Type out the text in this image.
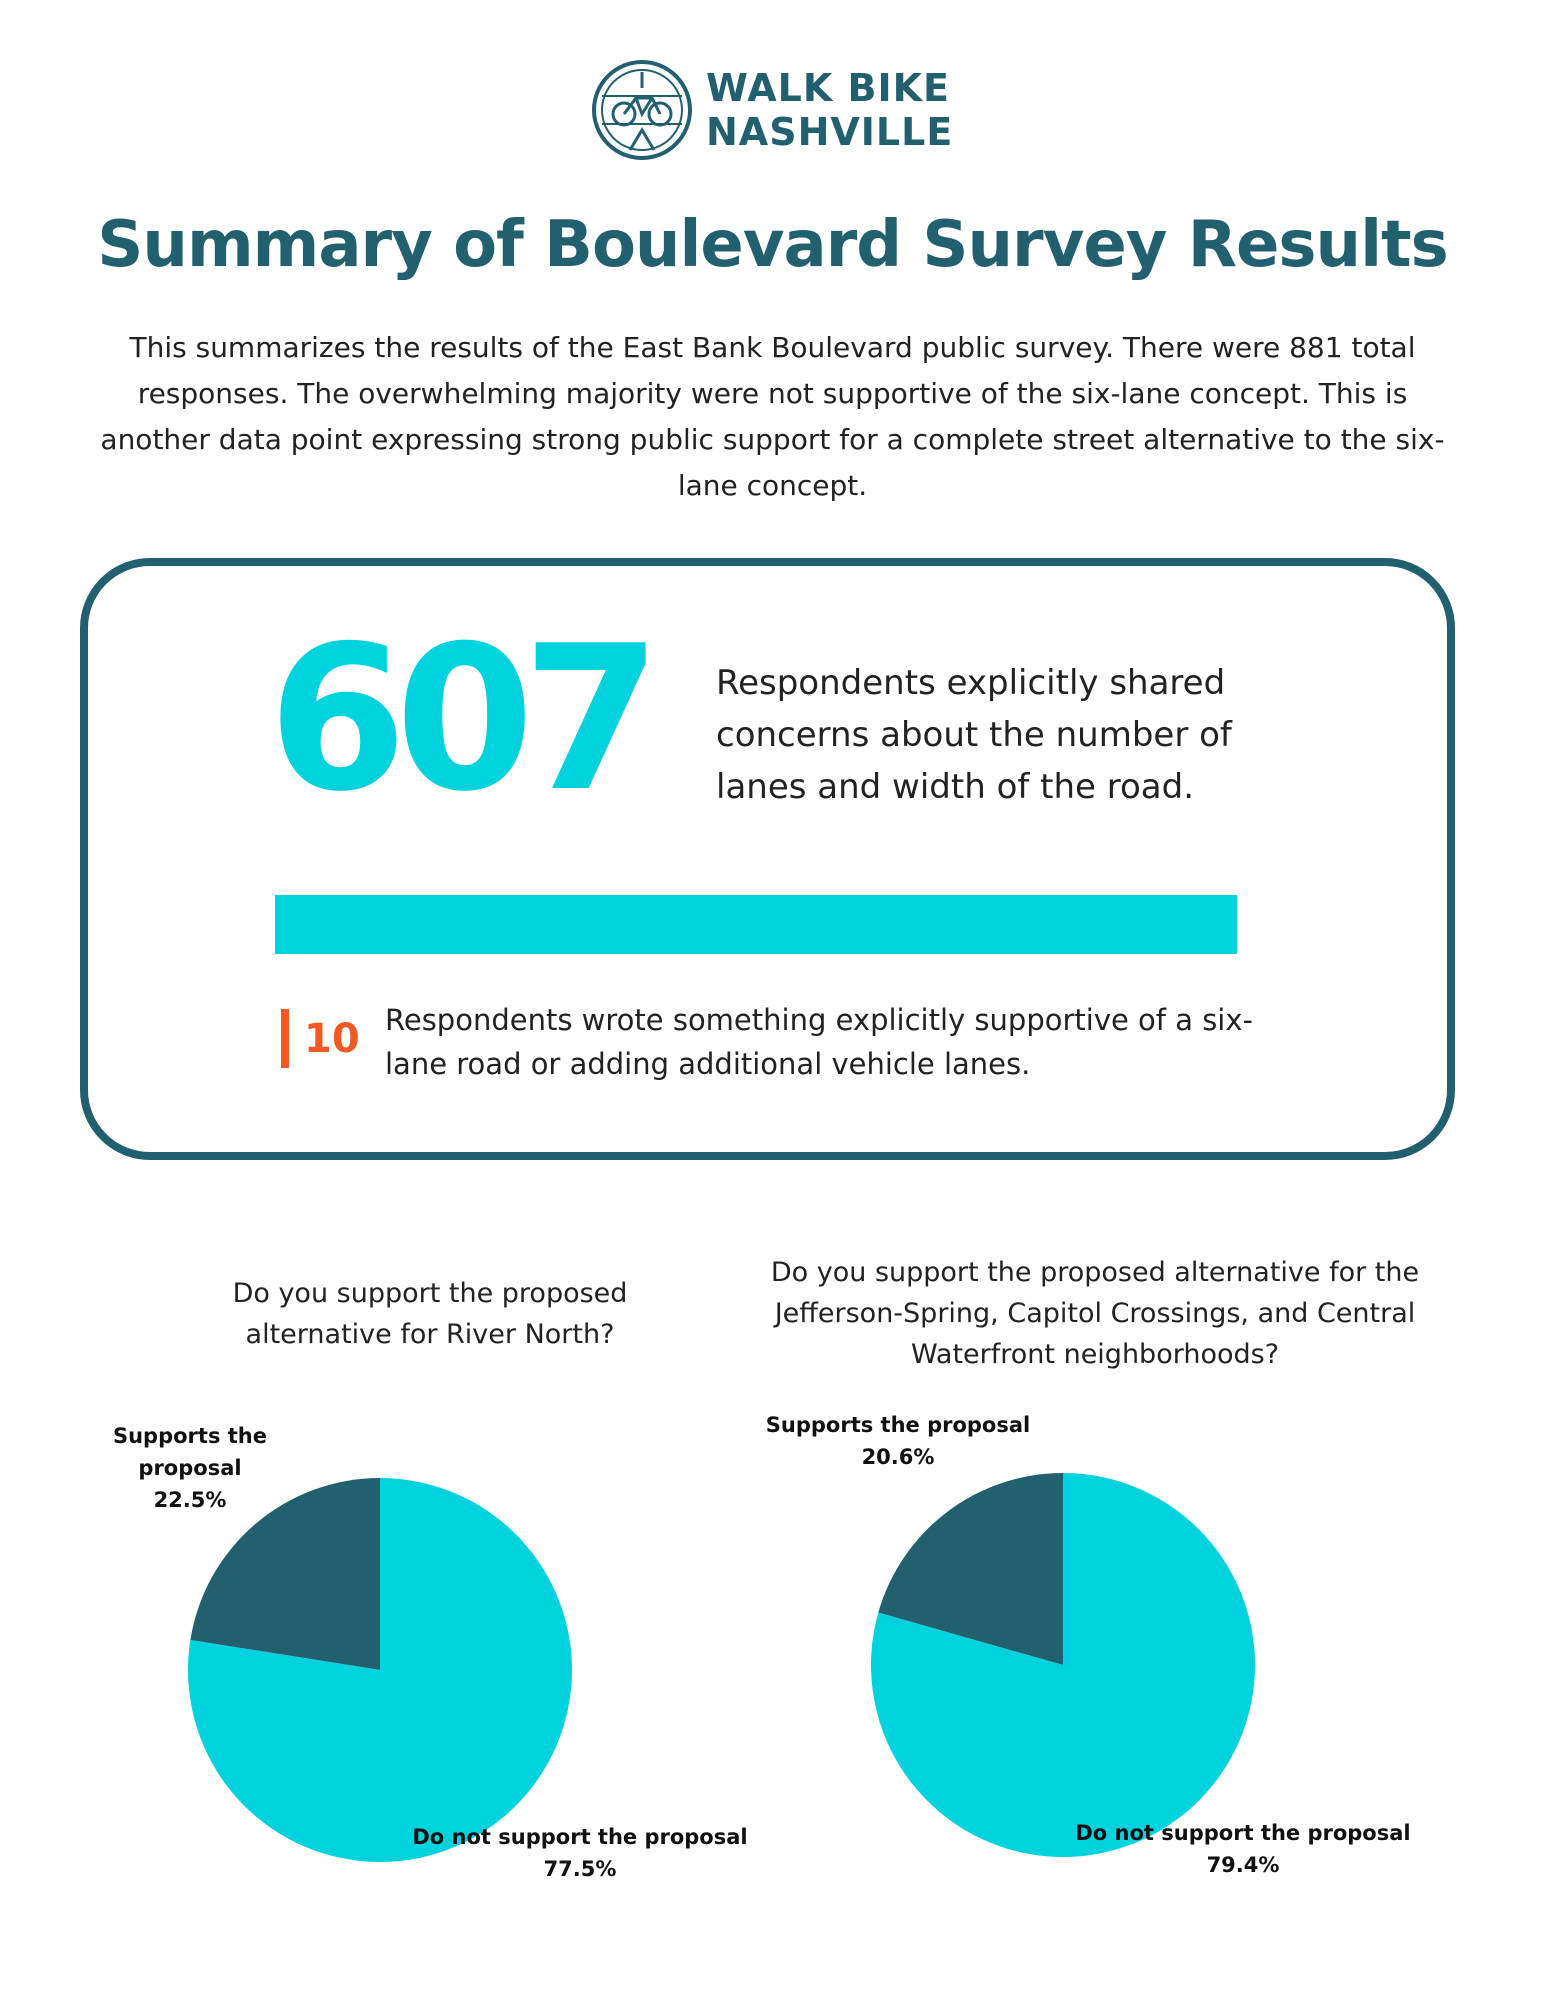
WALK BIKE
NASHVILLE
Summary of Boulevard Survey Results
This summarizes the results of the East Bank Boulevard public survey. There were 881 total responses. The overwhelming majority were not supportive of the six-lane concept. This is another data point expressing strong public support for a complete street alternative to the six-lane concept.
607 Respondents explicitly shared concerns about the number of lanes and width of the road.
10 Respondents wrote something explicitly supportive of a six-lane road or adding additional vehicle lanes.
Do you support the proposed alternative for River North?
Supports the proposal
22.5%
Do not support the proposal
77.5%
Do you support the proposed alternative for the Jefferson-Spring, Capitol Crossings, and Central Waterfront neighborhoods?
Supports the proposal
20.6%
Do not support the proposal
79.4%
